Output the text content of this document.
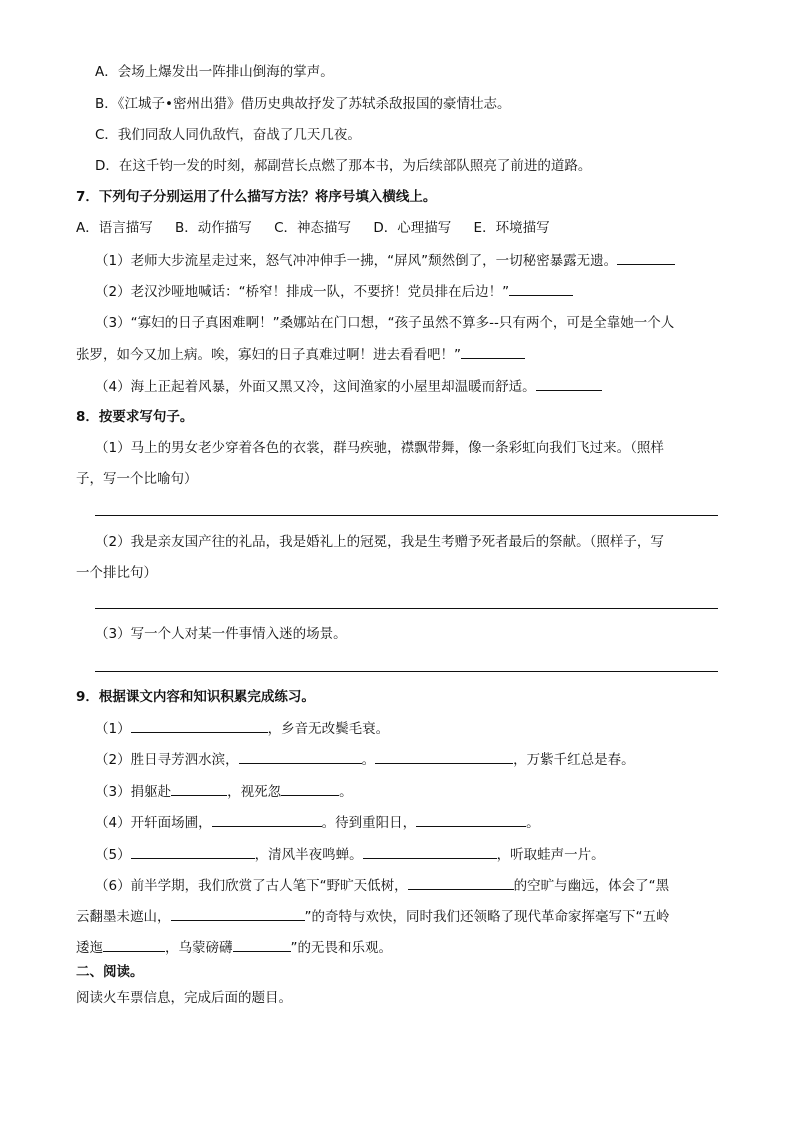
A．会场上爆发出一阵排山倒海的掌声。
B．《江城子•密州出猎》借历史典故抒发了苏轼杀敌报国的豪情壮志。
C．我们同敌人同仇敌忾，奋战了几天几夜。
D．在这千钧一发的时刻，郝副营长点燃了那本书，为后续部队照亮了前进的道路。
7．下列句子分别运用了什么描写方法？将序号填入横线上。
A．语言描写 B．动作描写 C．神态描写 D．心理描写 E．环境描写
（1）老师大步流星走过来，怒气冲冲伸手一拂，“屏风”颓然倒了，一切秘密暴露无遗。
（2）老汉沙哑地喊话：“桥窄！排成一队，不要挤！党员排在后边！”
（3）“寡妇的日子真困难啊！”桑娜站在门口想，“孩子虽然不算多--只有两个，可是全靠她一个人
张罗，如今又加上病。唉，寡妇的日子真难过啊！进去看看吧！”
（4）海上正起着风暴，外面又黑又冷，这间渔家的小屋里却温暖而舒适。
8．按要求写句子。
（1）马上的男女老少穿着各色的衣裳，群马疾驰，襟飘带舞，像一条彩虹向我们飞过来。（照样
子，写一个比喻句）
（2）我是亲友国产往的礼品，我是婚礼上的冠冕，我是生考赠予死者最后的祭献。（照样子，写
一个排比句）
（3）写一个人对某一件事情入迷的场景。
9．根据课文内容和知识积累完成练习。
（1）	，乡音无改鬓毛衰。
（2）胜日寻芳泗水滨，	。	，万紫千红总是春。
（3）捐躯赴	，视死忽	。
（4）开轩面场圃，	。待到重阳日，	。
（5）	，清风半夜鸣蝉。	，听取蛙声一片。
（6）前半学期，我们欣赏了古人笔下“野旷天低树，	的空旷与幽远，体会了“黑
云翻墨未遮山，	”的奇特与欢快，同时我们还领略了现代革命家挥毫写下“五岭
逶迤	，乌蒙磅礴	”的无畏和乐观。
二、阅读。
阅读火车票信息，完成后面的题目。
